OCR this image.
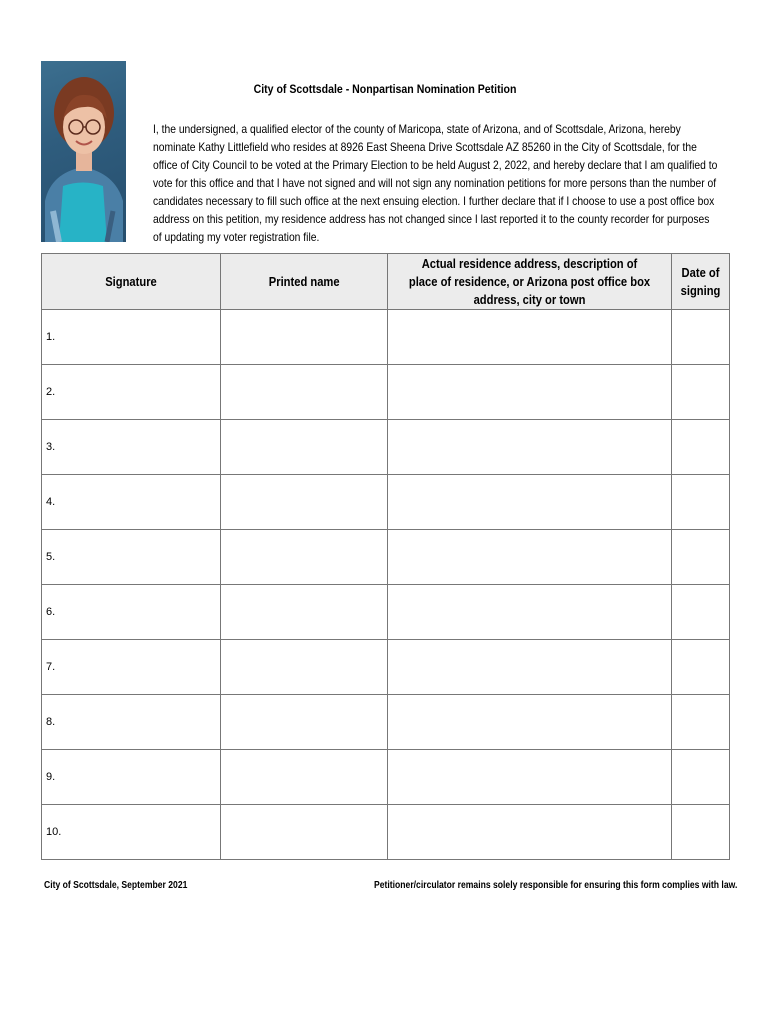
City of Scottsdale - Nonpartisan Nomination Petition
I, the undersigned, a qualified elector of the county of Maricopa, state of Arizona, and of Scottsdale, Arizona, hereby nominate Kathy Littlefield who resides at 8926 East Sheena Drive Scottsdale AZ 85260 in the City of Scottsdale, for the office of City Council to be voted at the Primary Election to be held August 2, 2022, and hereby declare that I am qualified to vote for this office and that I have not signed and will not sign any nomination petitions for more persons than the number of candidates necessary to fill such office at the next ensuing election. I further declare that if I choose to use a post office box address on this petition, my residence address has not changed since I last reported it to the county recorder for purposes of updating my voter registration file.
Signature	Printed name	Actual residence address, description of place of residence, or Arizona post office box address, city or town	Date of signing
1.			
2.			
3.			
4.			
5.			
6.			
7.			
8.			
9.			
10.			
City of Scottsdale, September 2021	Petitioner/circulator remains solely responsible for ensuring this form complies with law.
